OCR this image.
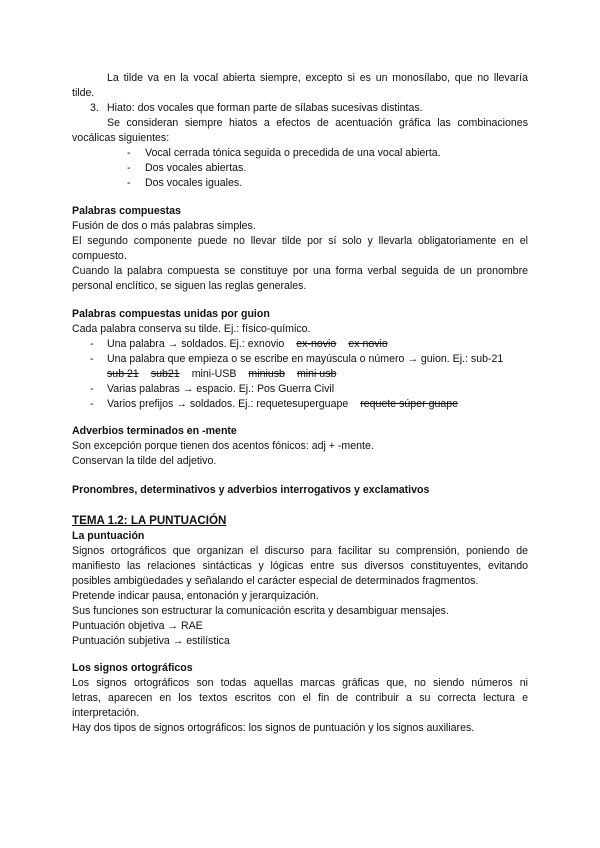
La tilde va en la vocal abierta siempre, excepto si es un monosílabo, que no llevaría
tilde.
3. Hiato: dos vocales que forman parte de sílabas sucesivas distintas.
Se consideran siempre hiatos a efectos de acentuación gráfica las combinaciones
vocálicas siguientes:
- Vocal cerrada tónica seguida o precedida de una vocal abierta.
- Dos vocales abiertas.
- Dos vocales iguales.
Palabras compuestas
Fusión de dos o más palabras simples.
El segundo componente puede no llevar tilde por sí solo y llevarla obligatoriamente en el
compuesto.
Cuando la palabra compuesta se constituye por una forma verbal seguida de un pronombre
personal enclítico, se siguen las reglas generales.
Palabras compuestas unidas por guion
Cada palabra conserva su tilde. Ej.: físico-químico.
- Una palabra → soldados. Ej.: exnovio ex-novio ex novio
- Una palabra que empieza o se escribe en mayúscula o número → guion. Ej.: sub-21
sub 21 sub21 mini-USB miniusb mini usb
- Varias palabras → espacio. Ej.: Pos Guerra Civil
- Varios prefijos → soldados. Ej.: requetesuperguape requete súper guape
Adverbios terminados en -mente
Son excepción porque tienen dos acentos fónicos: adj + -mente.
Conservan la tilde del adjetivo.
Pronombres, determinativos y adverbios interrogativos y exclamativos
TEMA 1.2: LA PUNTUACIÓN
La puntuación
Signos ortográficos que organizan el discurso para facilitar su comprensión, poniendo de
manifiesto las relaciones sintácticas y lógicas entre sus diversos constituyentes, evitando
posibles ambigüedades y señalando el carácter especial de determinados fragmentos.
Pretende indicar pausa, entonación y jerarquización.
Sus funciones son estructurar la comunicación escrita y desambiguar mensajes.
Puntuación objetiva → RAE
Puntuación subjetiva → estilística
Los signos ortográficos
Los signos ortográficos son todas aquellas marcas gráficas que, no siendo números ni
letras, aparecen en los textos escritos con el fin de contribuir a su correcta lectura e
interpretación.
Hay dos tipos de signos ortográficos: los signos de puntuación y los signos auxiliares.
